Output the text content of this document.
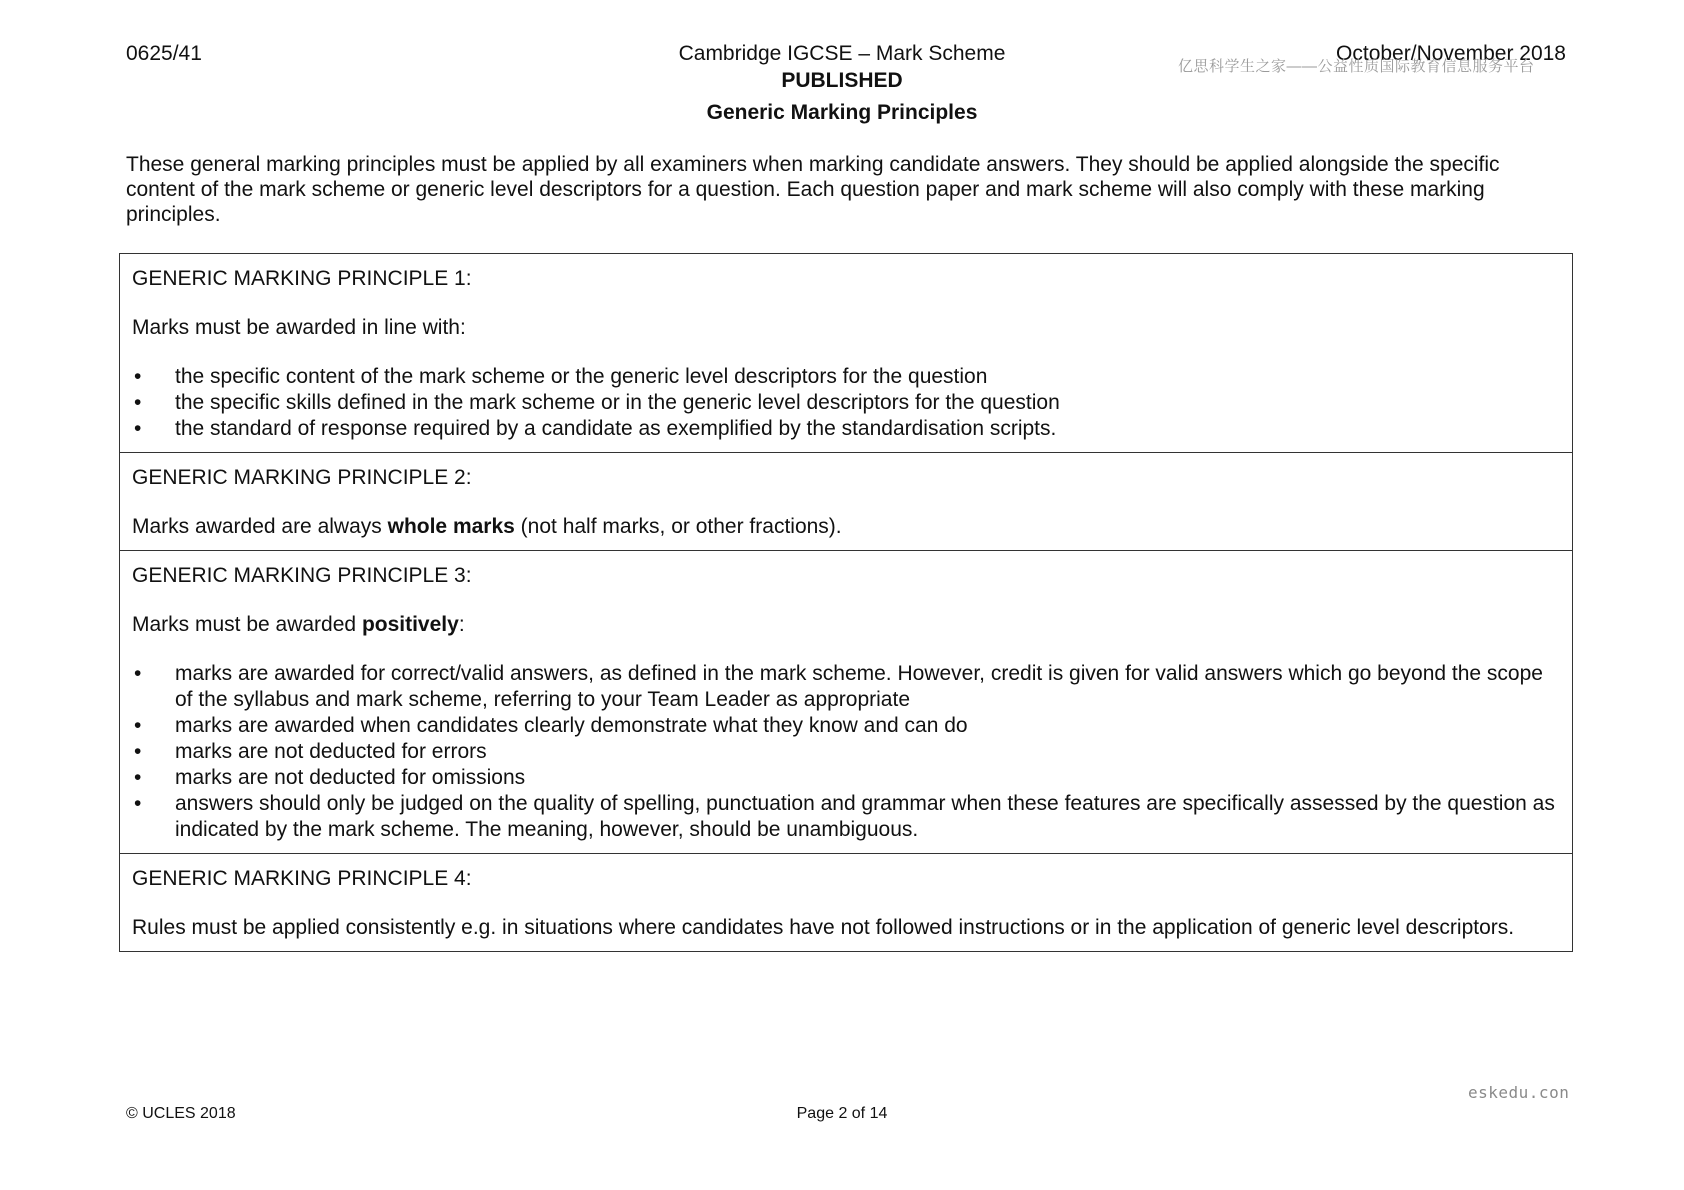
0625/41	Cambridge IGCSE – Mark Scheme	October/November 2018
亿思科学生之家——公益性质国际教育信息服务平台
PUBLISHED
Generic Marking Principles

These general marking principles must be applied by all examiners when marking candidate answers. They should be applied alongside the specific content of the mark scheme or generic level descriptors for a question. Each question paper and mark scheme will also comply with these marking principles.

GENERIC MARKING PRINCIPLE 1:

Marks must be awarded in line with:

• the specific content of the mark scheme or the generic level descriptors for the question
• the specific skills defined in the mark scheme or in the generic level descriptors for the question
• the standard of response required by a candidate as exemplified by the standardisation scripts.

GENERIC MARKING PRINCIPLE 2:

Marks awarded are always whole marks (not half marks, or other fractions).

GENERIC MARKING PRINCIPLE 3:

Marks must be awarded positively:

• marks are awarded for correct/valid answers, as defined in the mark scheme. However, credit is given for valid answers which go beyond the scope of the syllabus and mark scheme, referring to your Team Leader as appropriate
• marks are awarded when candidates clearly demonstrate what they know and can do
• marks are not deducted for errors
• marks are not deducted for omissions
• answers should only be judged on the quality of spelling, punctuation and grammar when these features are specifically assessed by the question as indicated by the mark scheme. The meaning, however, should be unambiguous.

GENERIC MARKING PRINCIPLE 4:

Rules must be applied consistently e.g. in situations where candidates have not followed instructions or in the application of generic level descriptors.

eskedu.con
© UCLES 2018	Page 2 of 14
